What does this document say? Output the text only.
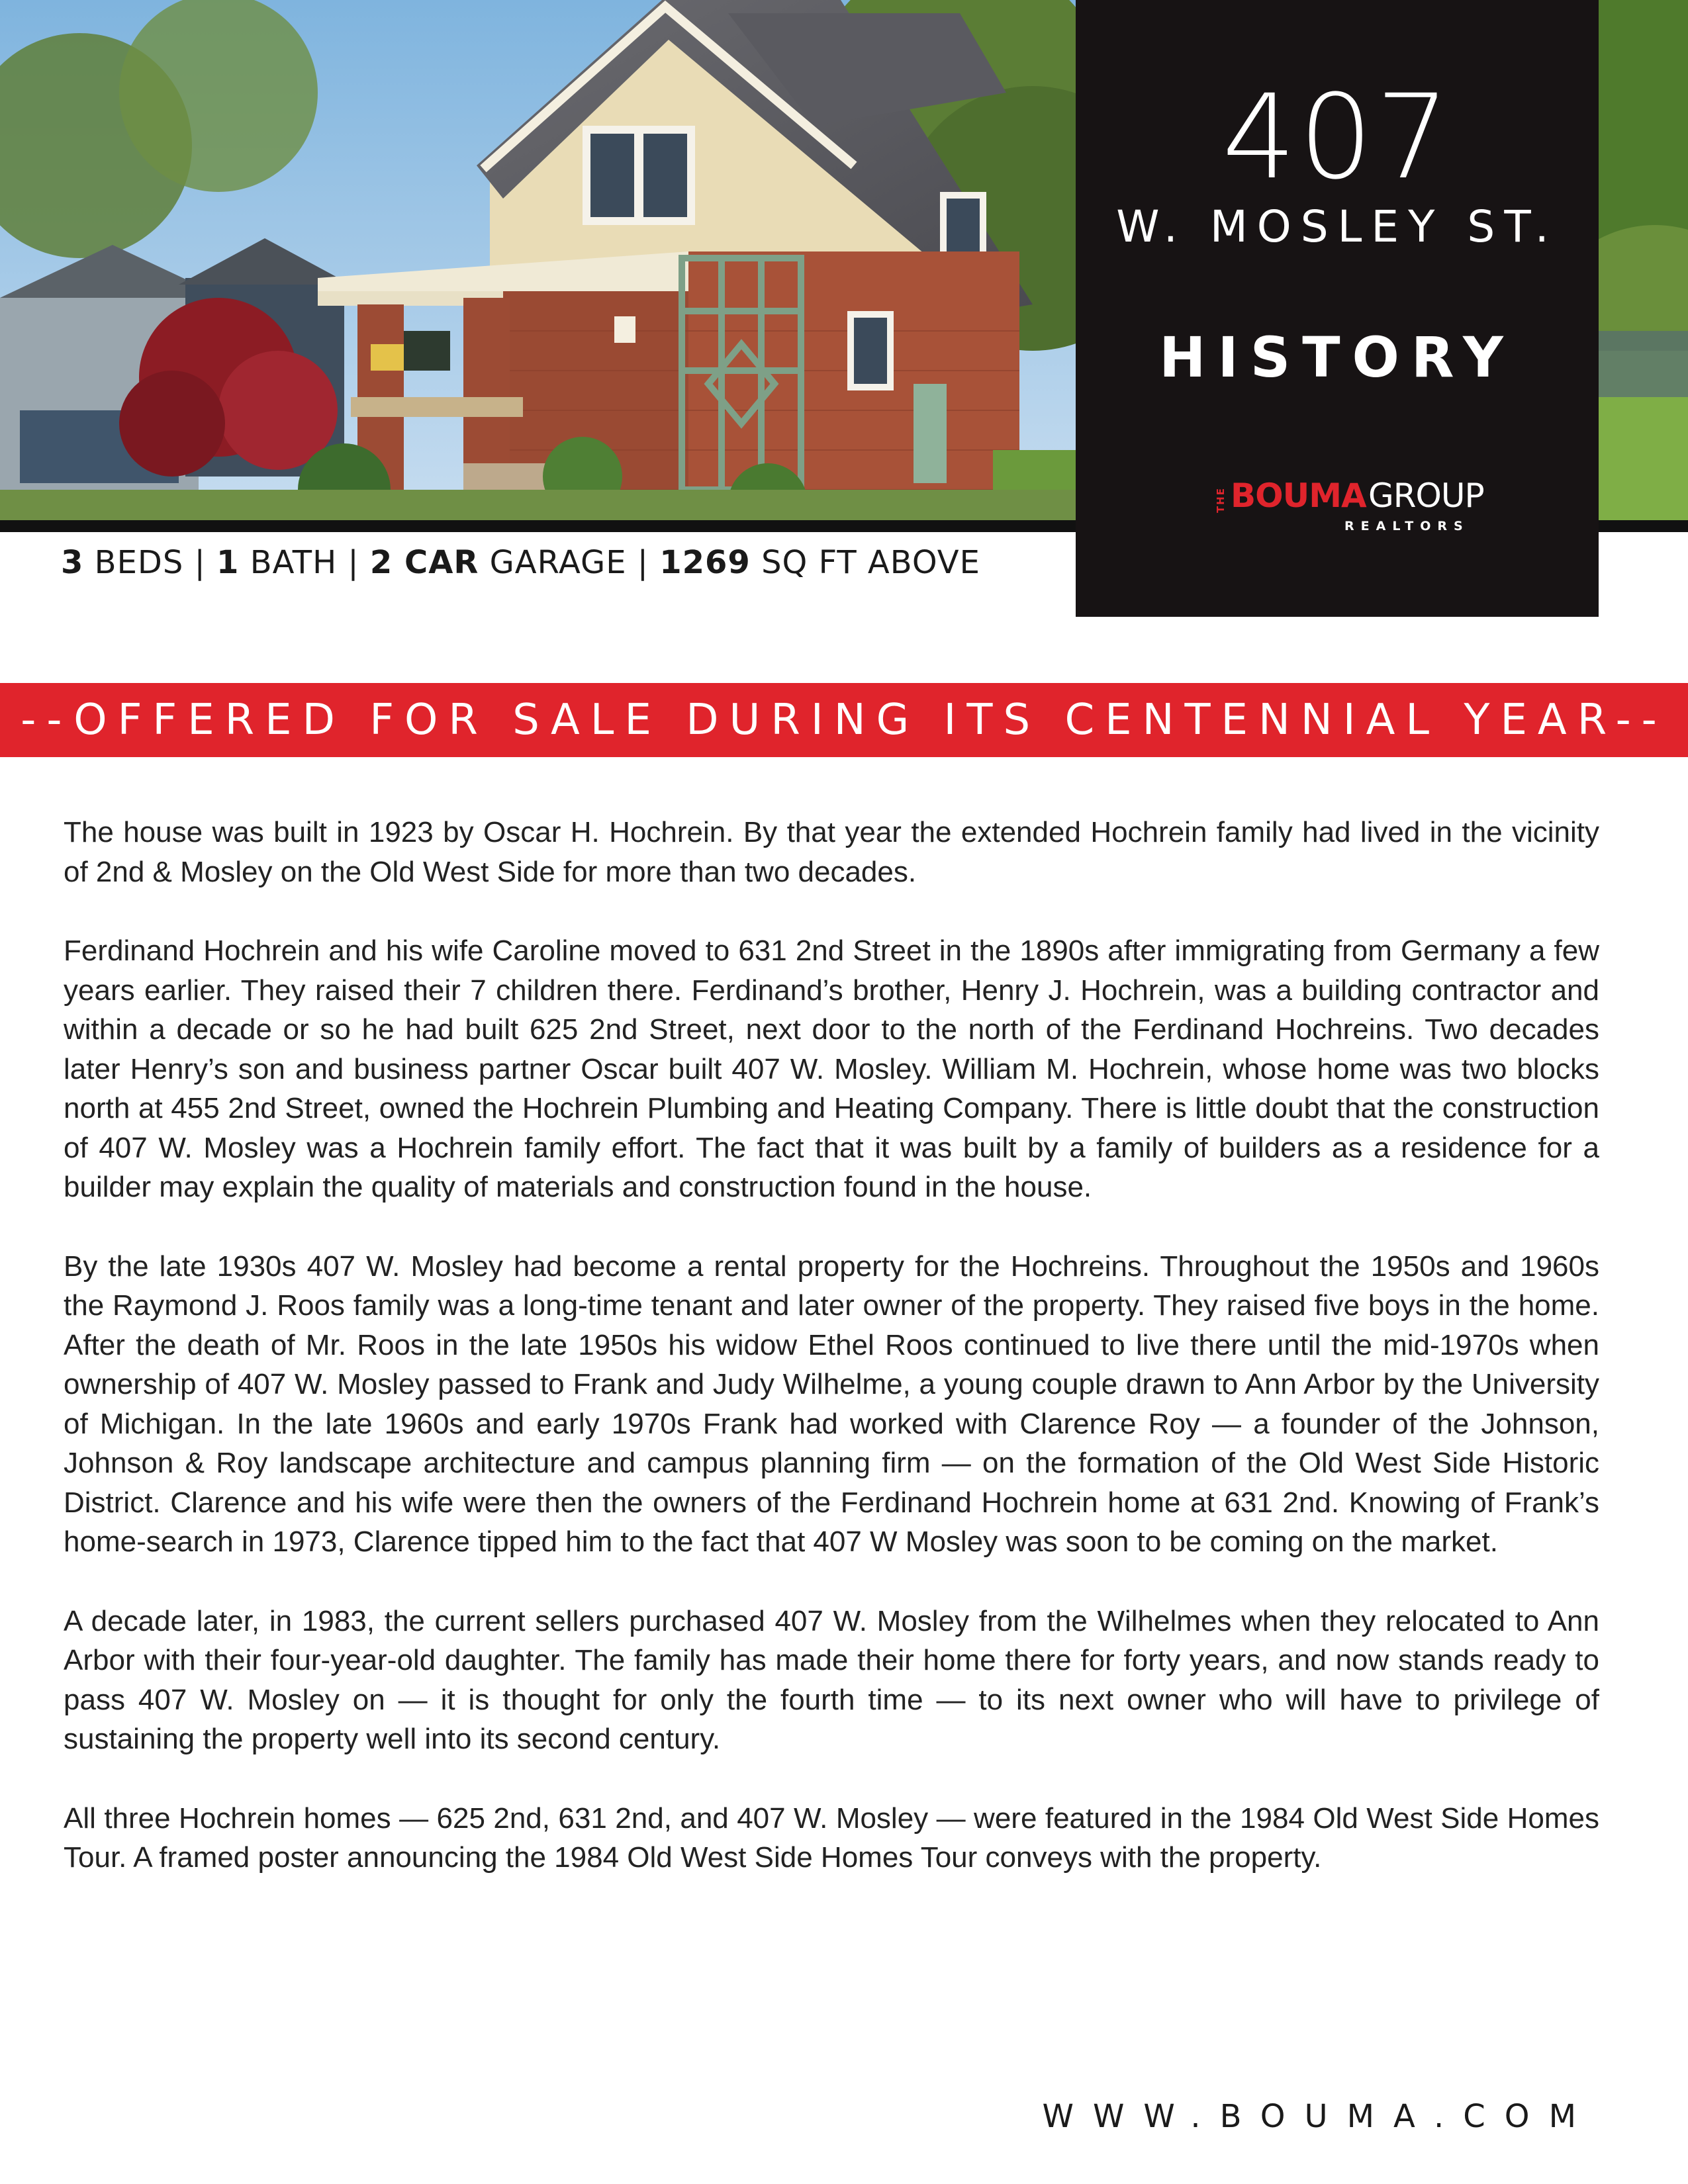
407
W. MOSLEY ST.
HISTORY
THE BOUMA GROUP
REALTORS
3 BEDS | 1 BATH | 2 CAR GARAGE | 1269 SQ FT ABOVE
--OFFERED FOR SALE DURING ITS CENTENNIAL YEAR--

The house was built in 1923 by Oscar H. Hochrein. By that year the extended Hochrein family had lived in the vicinity of 2nd & Mosley on the Old West Side for more than two decades.

Ferdinand Hochrein and his wife Caroline moved to 631 2nd Street in the 1890s after immigrating from Germany a few years earlier. They raised their 7 children there. Ferdinand’s brother, Henry J. Hochrein, was a building contractor and within a decade or so he had built 625 2nd Street, next door to the north of the Ferdinand Hochreins. Two decades later Henry’s son and business partner Oscar built 407 W. Mosley. William M. Hochrein, whose home was two blocks north at 455 2nd Street, owned the Hochrein Plumbing and Heating Company. There is little doubt that the construction of 407 W. Mosley was a Hochrein family effort. The fact that it was built by a family of builders as a residence for a builder may explain the quality of materials and construction found in the house.

By the late 1930s 407 W. Mosley had become a rental property for the Hochreins. Throughout the 1950s and 1960s the Raymond J. Roos family was a long-time tenant and later owner of the property. They raised five boys in the home. After the death of Mr. Roos in the late 1950s his widow Ethel Roos continued to live there until the mid-1970s when ownership of 407 W. Mosley passed to Frank and Judy Wilhelme, a young couple drawn to Ann Arbor by the University of Michigan. In the late 1960s and early 1970s Frank had worked with Clarence Roy — a founder of the Johnson, Johnson & Roy landscape architecture and campus planning firm — on the formation of the Old West Side Historic District. Clarence and his wife were then the owners of the Ferdinand Hochrein home at 631 2nd. Knowing of Frank’s home-search in 1973, Clarence tipped him to the fact that 407 W Mosley was soon to be coming on the market.

A decade later, in 1983, the current sellers purchased 407 W. Mosley from the Wilhelmes when they relocated to Ann Arbor with their four-year-old daughter. The family has made their home there for forty years, and now stands ready to pass 407 W. Mosley on — it is thought for only the fourth time — to its next owner who will have to privilege of sustaining the property well into its second century.

All three Hochrein homes — 625 2nd, 631 2nd, and 407 W. Mosley — were featured in the 1984 Old West Side Homes Tour. A framed poster announcing the 1984 Old West Side Homes Tour conveys with the property.

WWW.BOUMA.COM
